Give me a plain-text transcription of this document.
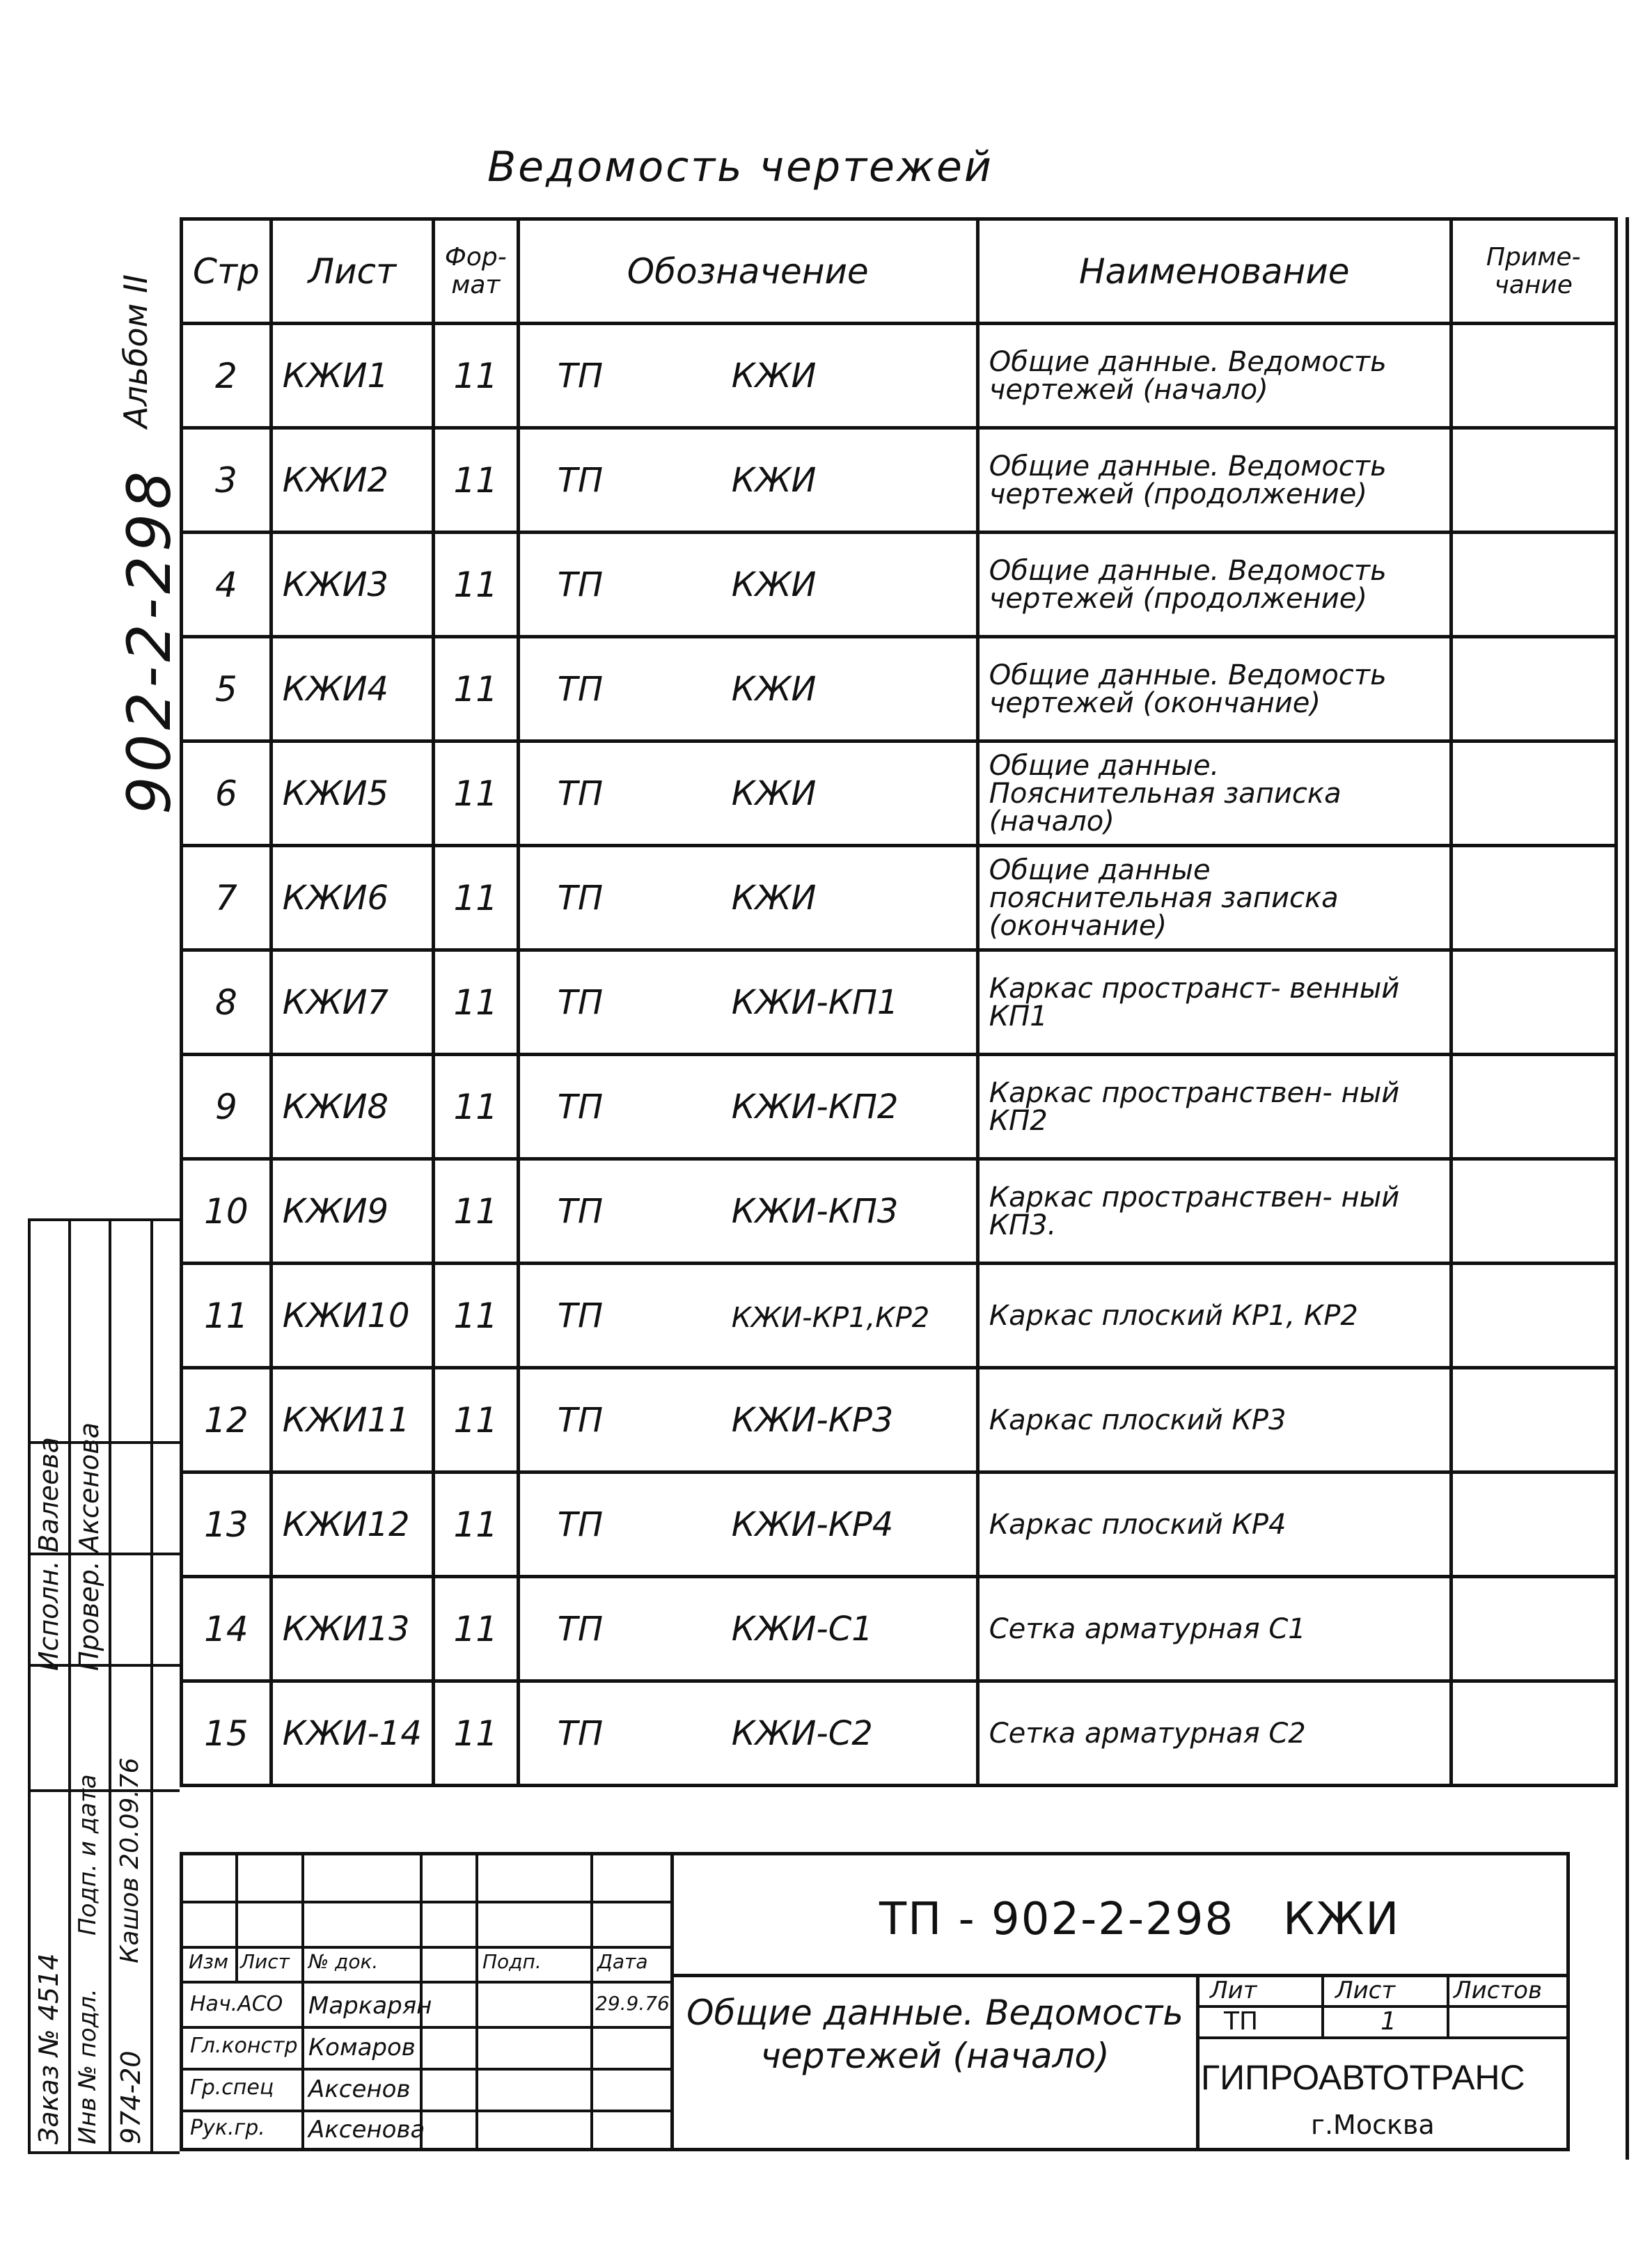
Ведомость чертежей
Альбом II
902-2-298
Исполн.
Валеева
Провер.
Аксенова
Заказ № 4514 Инв № подл.
Подп. и дата
974-20
Кашов 20.09.76
Стр	Лист	Фор-мат	Обозначение	Наименование	Приме-чание
2	КЖИ1	11	ТП КЖИ	Общие данные. Ведомость чертежей (начало)	
3	КЖИ2	11	ТП КЖИ	Общие данные. Ведомость чертежей (продолжение)	
4	КЖИ3	11	ТП КЖИ	Общие данные. Ведомость чертежей (продолжение)	
5	КЖИ4	11	ТП КЖИ	Общие данные. Ведомость чертежей (окончание)	
6	КЖИ5	11	ТП КЖИ	Общие данные. Пояснительная записка (начало)	
7	КЖИ6	11	ТП КЖИ	Общие данные пояснительная записка (окончание)	
8	КЖИ7	11	ТП КЖИ-КП1	Каркас пространст- венный КП1	
9	КЖИ8	11	ТП КЖИ-КП2	Каркас пространствен- ный КП2	
10	КЖИ9	11	ТП КЖИ-КП3	Каркас пространствен- ный КП3.	
11	КЖИ10	11	ТП КЖИ-КР1,КР2	Каркас плоский КР1, КР2	
12	КЖИ11	11	ТП КЖИ-КР3	Каркас плоский КР3	
13	КЖИ12	11	ТП КЖИ-КР4	Каркас плоский КР4	
14	КЖИ13	11	ТП КЖИ-С1	Сетка арматурная С1	
15	КЖИ-14	11	ТП КЖИ-С2	Сетка арматурная С2	
Изм Лист № док.	Подп.	Дата
Нач.АСО Маркарян	29.9.76
Гл.констр Комаров
Гр.спец Аксенов
Рук.гр. Аксенова
ТП - 902-2-298 КЖИ
Общие данные. Ведомость чертежей (начало)
Лит	Лист Листов
ТП	1
ГИПРОАВТОТРАНС
г.Москва
